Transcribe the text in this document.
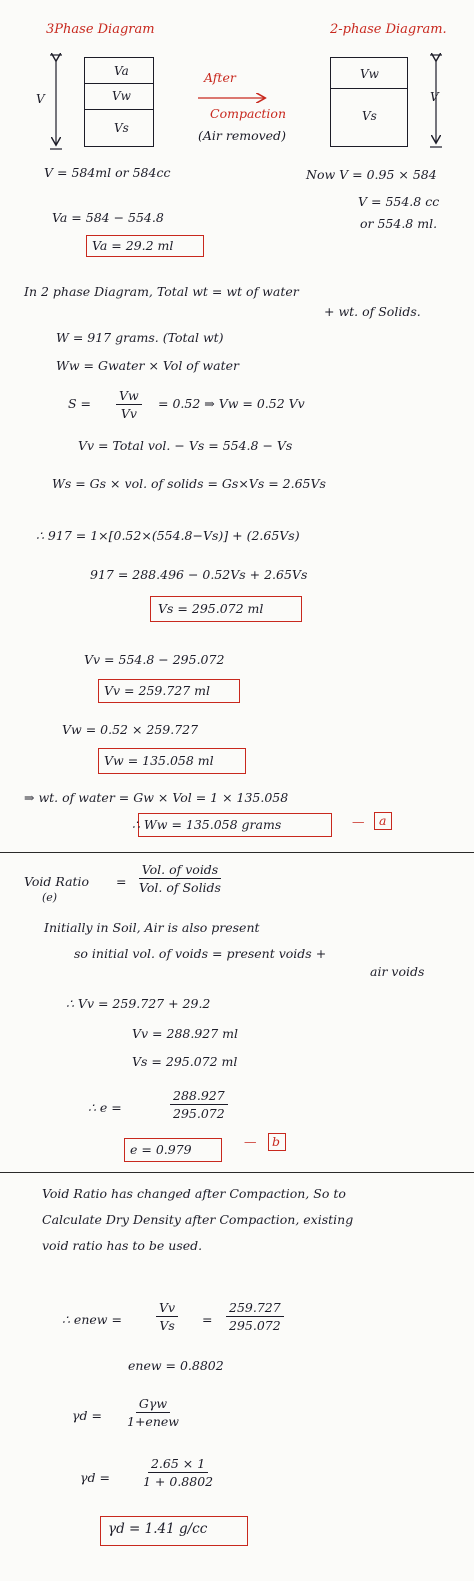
3Phase Diagram	2-phase Diagram.
Va
Vw
Vs
V
After
Compaction
(Air removed)
Vw
Vs
V
V = 584ml or 584cc	Now V = 0.95 × 584
V = 554.8 cc
or 554.8 ml.
Va = 584 − 554.8
Va = 29.2 ml
In 2 phase Diagram, Total wt = wt of water
+ wt. of Solids.
W = 917 grams. (Total wt)
Ww = Gwater × Vol of water
$S = \frac{Vw}{Vv} = 0.52$ ⇒ Vw = 0.52 Vv
Vv = Total vol. − Vs = 554.8 − Vs
Ws = Gs × vol. of solids = Gs×Vs = 2.65Vs
∴ 917 = 1×[0.52×(554.8−Vs)] + (2.65Vs)
917 = 288.496 − 0.52Vs + 2.65Vs
Vs = 295.072 ml
Vv = 554.8 − 295.072
Vv = 259.727 ml
Vw = 0.52 × 259.727
Vw = 135.058 ml
⇒ wt. of water = Gw × Vol = 1 × 135.058
∴ Ww = 135.058 grams	— a
Void Ratio
(e)
=
Vol. of voids
Vol. of Solids
Initially in Soil, Air is also present
so initial vol. of voids = present voids +
air voids
∴ Vv = 259.727 + 29.2
Vv = 288.927 ml
Vs = 295.072 ml
∴ e =	$\frac{288.927}{295.072}$
e = 0.979
— b
Void Ratio has changed after Compaction, So to
Calculate Dry Density after Compaction, existing
void ratio has to be used.
∴ enew =	$\frac{Vv}{Vs} = \frac{259.727}{295.072}$
enew = 0.8802
γd =
Gγw
1+enew
$\gamma d = \frac{2.65 \times 1}{1 + 0.8802}$
γd = 1.41 g/cc
